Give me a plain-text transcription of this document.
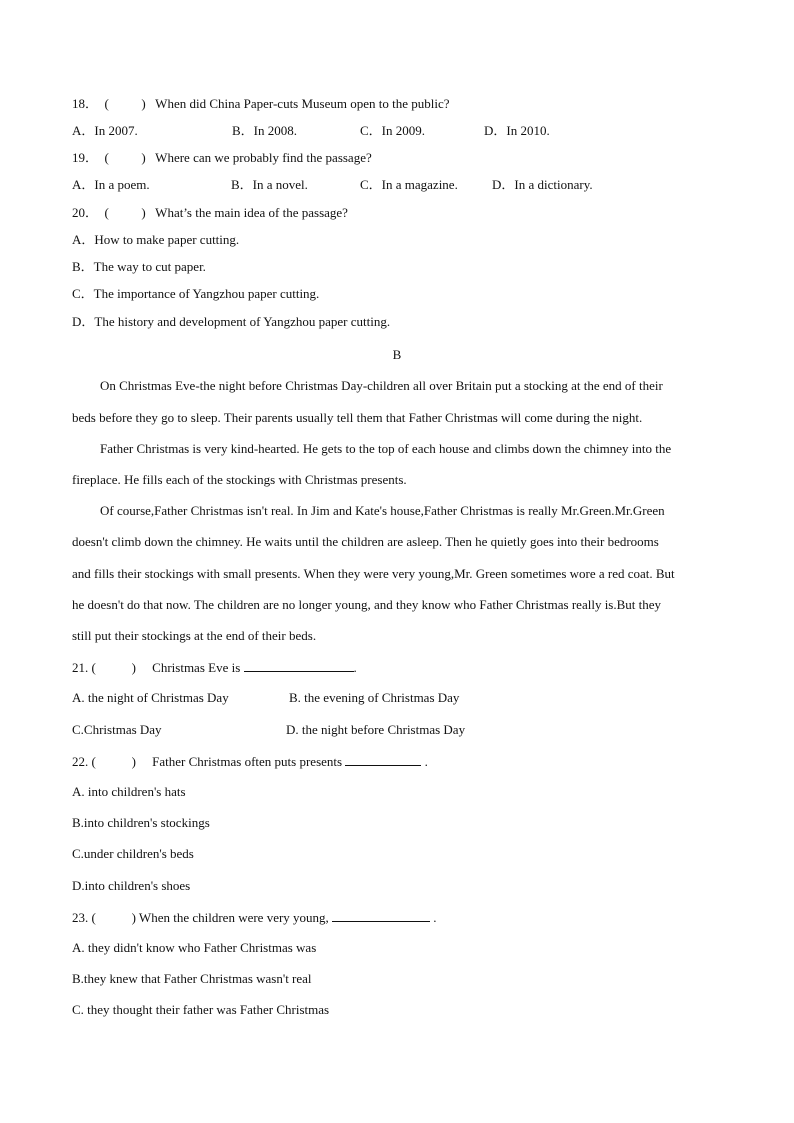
18．  (          )   When did China Paper-cuts Museum open to the public?
A．In 2007.	B．In 2008.	C．In 2009.	D．In 2010.
19．  (          )   Where can we probably find the passage?
A．In a poem.	B．In a novel.	C．In a magazine.	D．In a dictionary.
20．  (          )   What’s the main idea of the passage?
A．How to make paper cutting.
B．The way to cut paper.
C．The importance of Yangzhou paper cutting.
D．The history and development of Yangzhou paper cutting.
B
On Christmas Eve-the night before Christmas Day-children all over Britain put a stocking at the end of their
beds before they go to sleep. Their parents usually tell them that Father Christmas will come during the night.
Father Christmas is very kind-hearted. He gets to the top of each house and climbs down the chimney into the
fireplace. He fills each of the stockings with Christmas presents.
Of course,Father Christmas isn't real. In Jim and Kate's house,Father Christmas is really Mr.Green.Mr.Green
doesn't climb down the chimney. He waits until the children are asleep. Then he quietly goes into their bedrooms
and fills their stockings with small presents. When they were very young,Mr. Green sometimes wore a red coat. But
he doesn't do that now. The children are no longer young, and they know who Father Christmas really is.But they
still put their stockings at the end of their beds.
21. (           )     Christmas Eve is	.
A. the night of Christmas Day	B. the evening of Christmas Day
C.Christmas Day	D. the night before Christmas Day
22. (           )     Father Christmas often puts presents	.
A. into children's hats
B.into children's stockings
C.under children's beds
D.into children's shoes
23. (           ) When the children were very young,	.
A. they didn't know who Father Christmas was
B.they knew that Father Christmas wasn't real
C. they thought their father was Father Christmas
